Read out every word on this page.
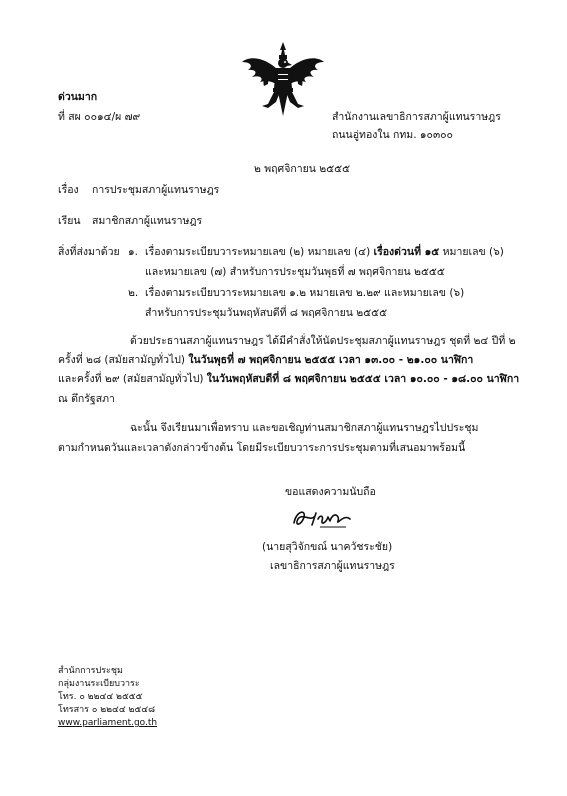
ด่วนมาก
ที่ สผ ๐๐๑๔/ผ ๗๙	สำนักงานเลขาธิการสภาผู้แทนราษฎร
ถนนอู่ทองใน กทม. ๑๐๓๐๐
๒ พฤศจิกายน ๒๕๕๕
เรื่อง การประชุมสภาผู้แทนราษฎร
เรียน สมาชิกสภาผู้แทนราษฎร
สิ่งที่ส่งมาด้วย ๑. เรื่องตามระเบียบวาระหมายเลข (๒) หมายเลข (๔) เรื่องด่วนที่ ๑๕ หมายเลข (๖)
และหมายเลข (๗) สำหรับการประชุมวันพุธที่ ๗ พฤศจิกายน ๒๕๕๕
๒. เรื่องตามระเบียบวาระหมายเลข ๑.๒ หมายเลข ๒.๒๙ และหมายเลข (๖)
สำหรับการประชุมวันพฤหัสบดีที่ ๘ พฤศจิกายน ๒๕๕๕
ด้วยประธานสภาผู้แทนราษฎร ได้มีคำสั่งให้นัดประชุมสภาผู้แทนราษฎร ชุดที่ ๒๔ ปีที่ ๒
ครั้งที่ ๒๘ (สมัยสามัญทั่วไป) ในวันพุธที่ ๗ พฤศจิกายน ๒๕๕๕ เวลา ๑๓.๐๐ - ๒๑.๐๐ นาฬิกา
และครั้งที่ ๒๙ (สมัยสามัญทั่วไป) ในวันพฤหัสบดีที่ ๘ พฤศจิกายน ๒๕๕๕ เวลา ๑๐.๐๐ - ๑๘.๐๐ นาฬิกา
ณ ตึกรัฐสภา
ฉะนั้น จึงเรียนมาเพื่อทราบ และขอเชิญท่านสมาชิกสภาผู้แทนราษฎรไปประชุม
ตามกำหนดวันและเวลาดังกล่าวข้างต้น โดยมีระเบียบวาระการประชุมตามที่เสนอมาพร้อมนี้
ขอแสดงความนับถือ
(นายสุวิจักขณ์ นาควัชระชัย)
เลขาธิการสภาผู้แทนราษฎร
สำนักการประชุม
กลุ่มงานระเบียบวาระ
โทร. ๐ ๒๒๔๔ ๒๕๕๕
โทรสาร ๐ ๒๒๔๔ ๒๕๔๘
www.parliament.go.th
